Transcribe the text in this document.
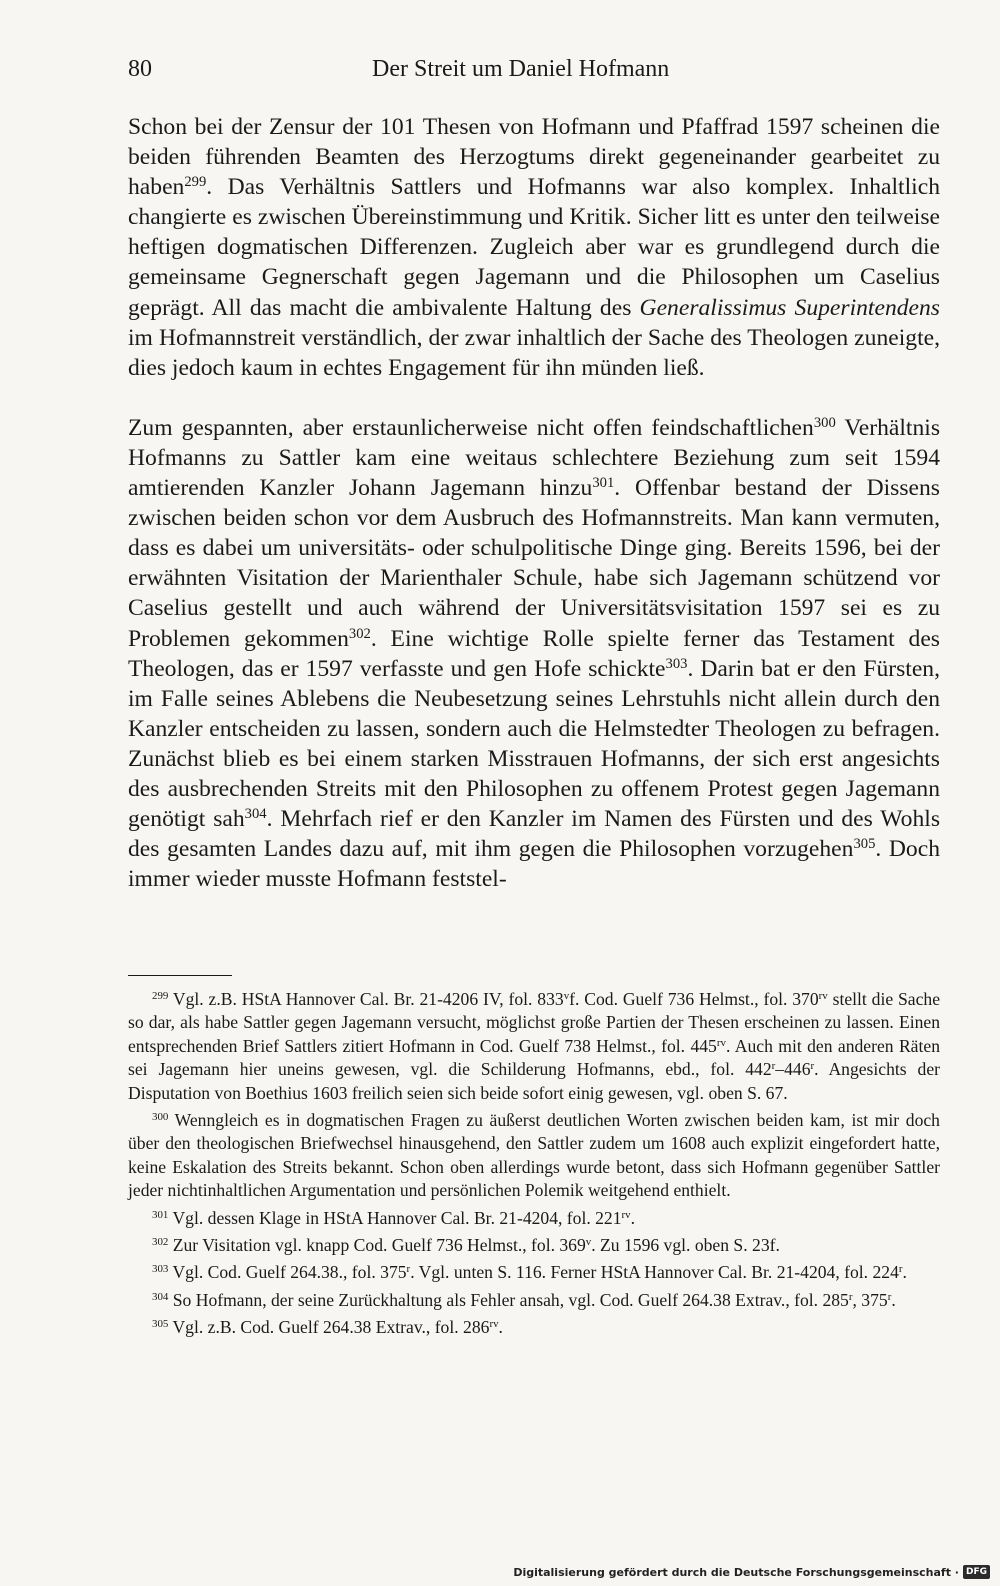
80	Der Streit um Daniel Hofmann

Schon bei der Zensur der 101 Thesen von Hofmann und Pfaffrad 1597 scheinen die beiden führenden Beamten des Herzogtums direkt gegeneinander gearbeitet zu haben$^{299}$. Das Verhältnis Sattlers und Hofmanns war also komplex. Inhaltlich changierte es zwischen Übereinstimmung und Kritik. Sicher litt es unter den teilweise heftigen dogmatischen Differenzen. Zugleich aber war es grundlegend durch die gemeinsame Gegnerschaft gegen Jagemann und die Philosophen um Caselius geprägt. All das macht die ambivalente Haltung des Generalissimus Superintendens im Hofmannstreit verständlich, der zwar inhaltlich der Sache des Theologen zuneigte, dies jedoch kaum in echtes Engagement für ihn münden ließ.

Zum gespannten, aber erstaunlicherweise nicht offen feindschaftlichen$^{300}$ Verhältnis Hofmanns zu Sattler kam eine weitaus schlechtere Beziehung zum seit 1594 amtierenden Kanzler Johann Jagemann hinzu$^{301}$. Offenbar bestand der Dissens zwischen beiden schon vor dem Ausbruch des Hofmannstreits. Man kann vermuten, dass es dabei um universitäts- oder schulpolitische Dinge ging. Bereits 1596, bei der erwähnten Visitation der Marienthaler Schule, habe sich Jagemann schützend vor Caselius gestellt und auch während der Universitätsvisitation 1597 sei es zu Problemen gekommen$^{302}$. Eine wichtige Rolle spielte ferner das Testament des Theologen, das er 1597 verfasste und gen Hofe schickte$^{303}$. Darin bat er den Fürsten, im Falle seines Ablebens die Neubesetzung seines Lehrstuhls nicht allein durch den Kanzler entscheiden zu lassen, sondern auch die Helmstedter Theologen zu befragen. Zunächst blieb es bei einem starken Misstrauen Hofmanns, der sich erst angesichts des ausbrechenden Streits mit den Philosophen zu offenem Protest gegen Jagemann genötigt sah$^{304}$. Mehrfach rief er den Kanzler im Namen des Fürsten und des Wohls des gesamten Landes dazu auf, mit ihm gegen die Philosophen vorzugehen$^{305}$. Doch immer wieder musste Hofmann feststel-

$^{299}$ Vgl. z.B. HStA Hannover Cal. Br. 21-4206 IV, fol. 833$^v$f. Cod. Guelf 736 Helmst., fol. $370^{rv}$ stellt die Sache so dar, als habe Sattler gegen Jagemann versucht, möglichst große Partien der Thesen erscheinen zu lassen. Einen entsprechenden Brief Sattlers zitiert Hofmann in Cod. Guelf 738 Helmst., fol. $445^{rv}$. Auch mit den anderen Räten sei Jagemann hier uneins gewesen, vgl. die Schilderung Hofmanns, ebd., fol. 442$^r$–446$^r$. Angesichts der Disputation von Boethius 1603 freilich seien sich beide sofort einig gewesen, vgl. oben S. 67.

$^{300}$ Wenngleich es in dogmatischen Fragen zu äußerst deutlichen Worten zwischen beiden kam, ist mir doch über den theologischen Briefwechsel hinausgehend, den Sattler zudem um 1608 auch explizit eingefordert hatte, keine Eskalation des Streits bekannt. Schon oben allerdings wurde betont, dass sich Hofmann gegenüber Sattler jeder nichtinhaltlichen Argumentation und persönlichen Polemik weitgehend enthielt.

$^{301}$ Vgl. dessen Klage in HStA Hannover Cal. Br. 21-4204, fol. $221^{rv}$.

$^{302}$ Zur Visitation vgl. knapp Cod. Guelf 736 Helmst., fol. 369$^v$. Zu 1596 vgl. oben S. 23f.

$^{303}$ Vgl. Cod. Guelf 264.38., fol. 375$^r$. Vgl. unten S. 116. Ferner HStA Hannover Cal. Br. 21-4204, fol. 224$^r$.

$^{304}$ So Hofmann, der seine Zurückhaltung als Fehler ansah, vgl. Cod. Guelf 264.38 Extrav., fol. 285$^r$, 375$^r$.

$^{305}$ Vgl. z.B. Cod. Guelf 264.38 Extrav., fol. $286^{rv}$.

Digitalisierung gefördert durch die Deutsche Forschungsgemeinschaft · DFG
